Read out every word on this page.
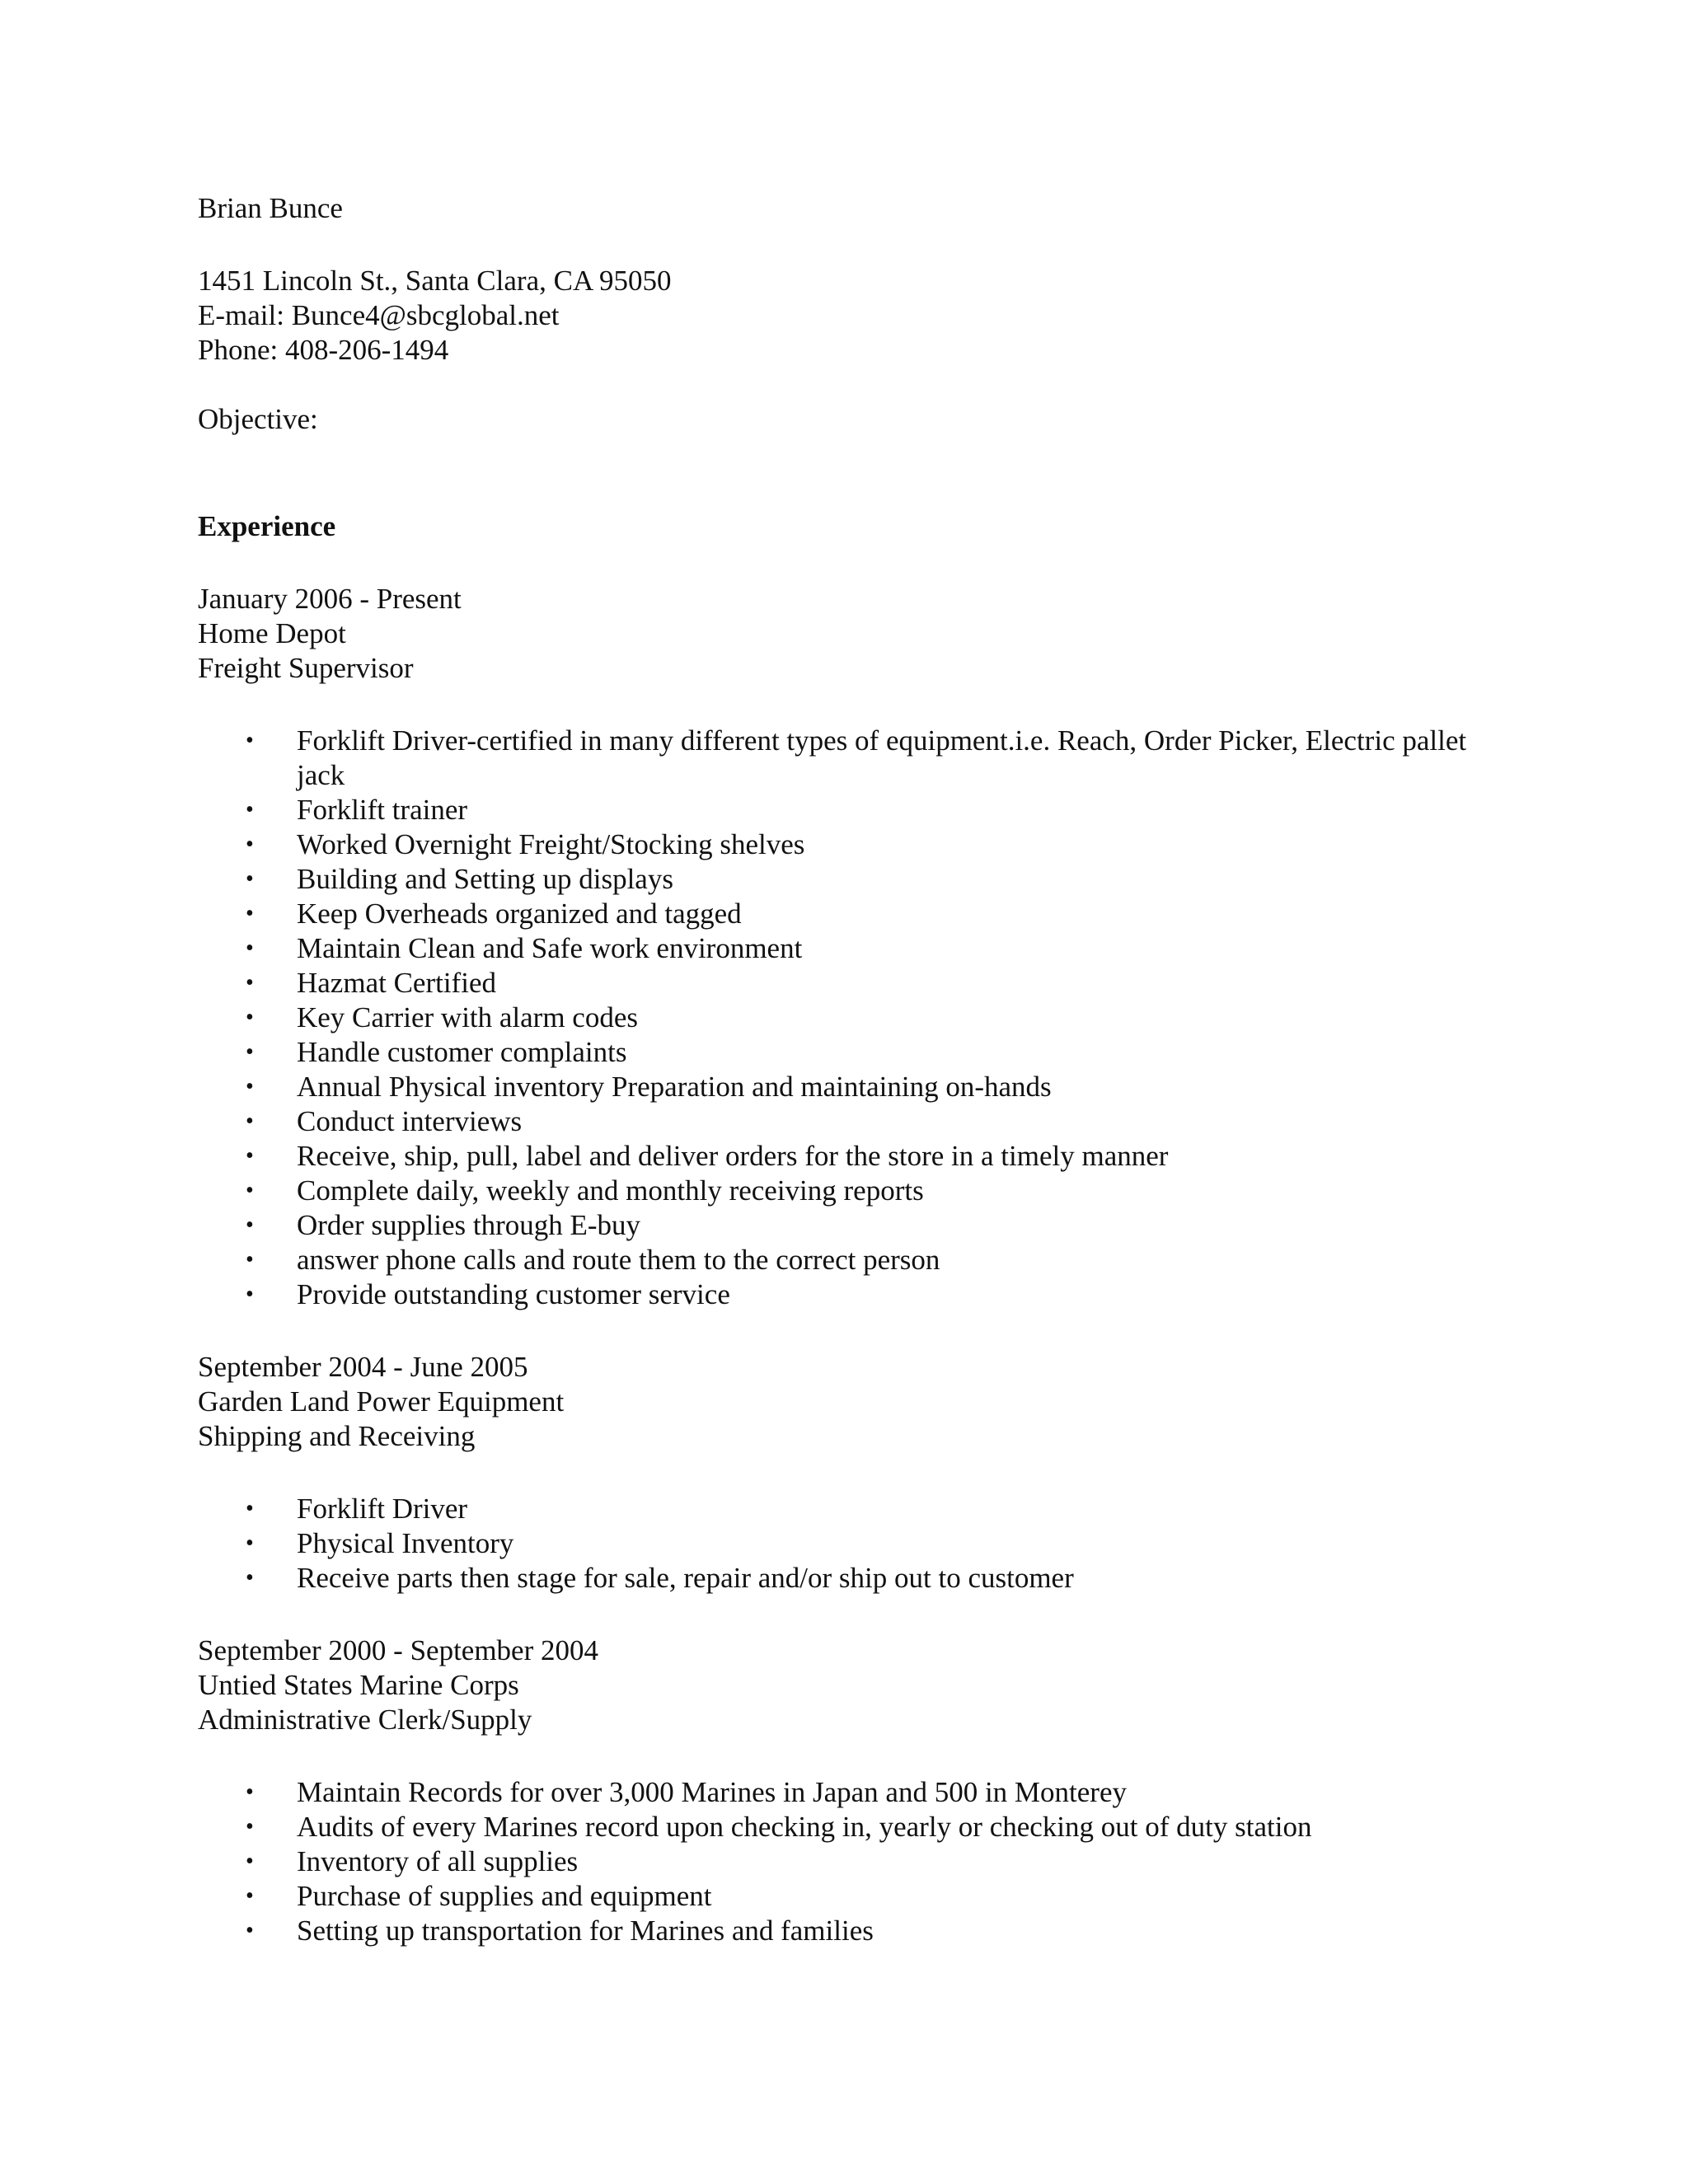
Brian Bunce

1451 Lincoln St., Santa Clara, CA 95050

E-mail: Bunce4@sbcglobal.net

Phone: 408-206-1494

Objective:

Experience

January 2006 - Present

Home Depot

Freight Supervisor

• Forklift Driver-certified in many different types of equipment.i.e. Reach, Order Picker, Electric pallet jack
• Forklift trainer
• Worked Overnight Freight/Stocking shelves
• Building and Setting up displays
• Keep Overheads organized and tagged
• Maintain Clean and Safe work environment
• Hazmat Certified
• Key Carrier with alarm codes
• Handle customer complaints
• Annual Physical inventory Preparation and maintaining on-hands
• Conduct interviews
• Receive, ship, pull, label and deliver orders for the store in a timely manner
• Complete daily, weekly and monthly receiving reports
• Order supplies through E-buy
• answer phone calls and route them to the correct person
• Provide outstanding customer service

September 2004 - June 2005

Garden Land Power Equipment

Shipping and Receiving

• Forklift Driver
• Physical Inventory
• Receive parts then stage for sale, repair and/or ship out to customer

September 2000 - September 2004

Untied States Marine Corps

Administrative Clerk/Supply

• Maintain Records for over 3,000 Marines in Japan and 500 in Monterey
• Audits of every Marines record upon checking in, yearly or checking out of duty station
• Inventory of all supplies
• Purchase of supplies and equipment
• Setting up transportation for Marines and families
